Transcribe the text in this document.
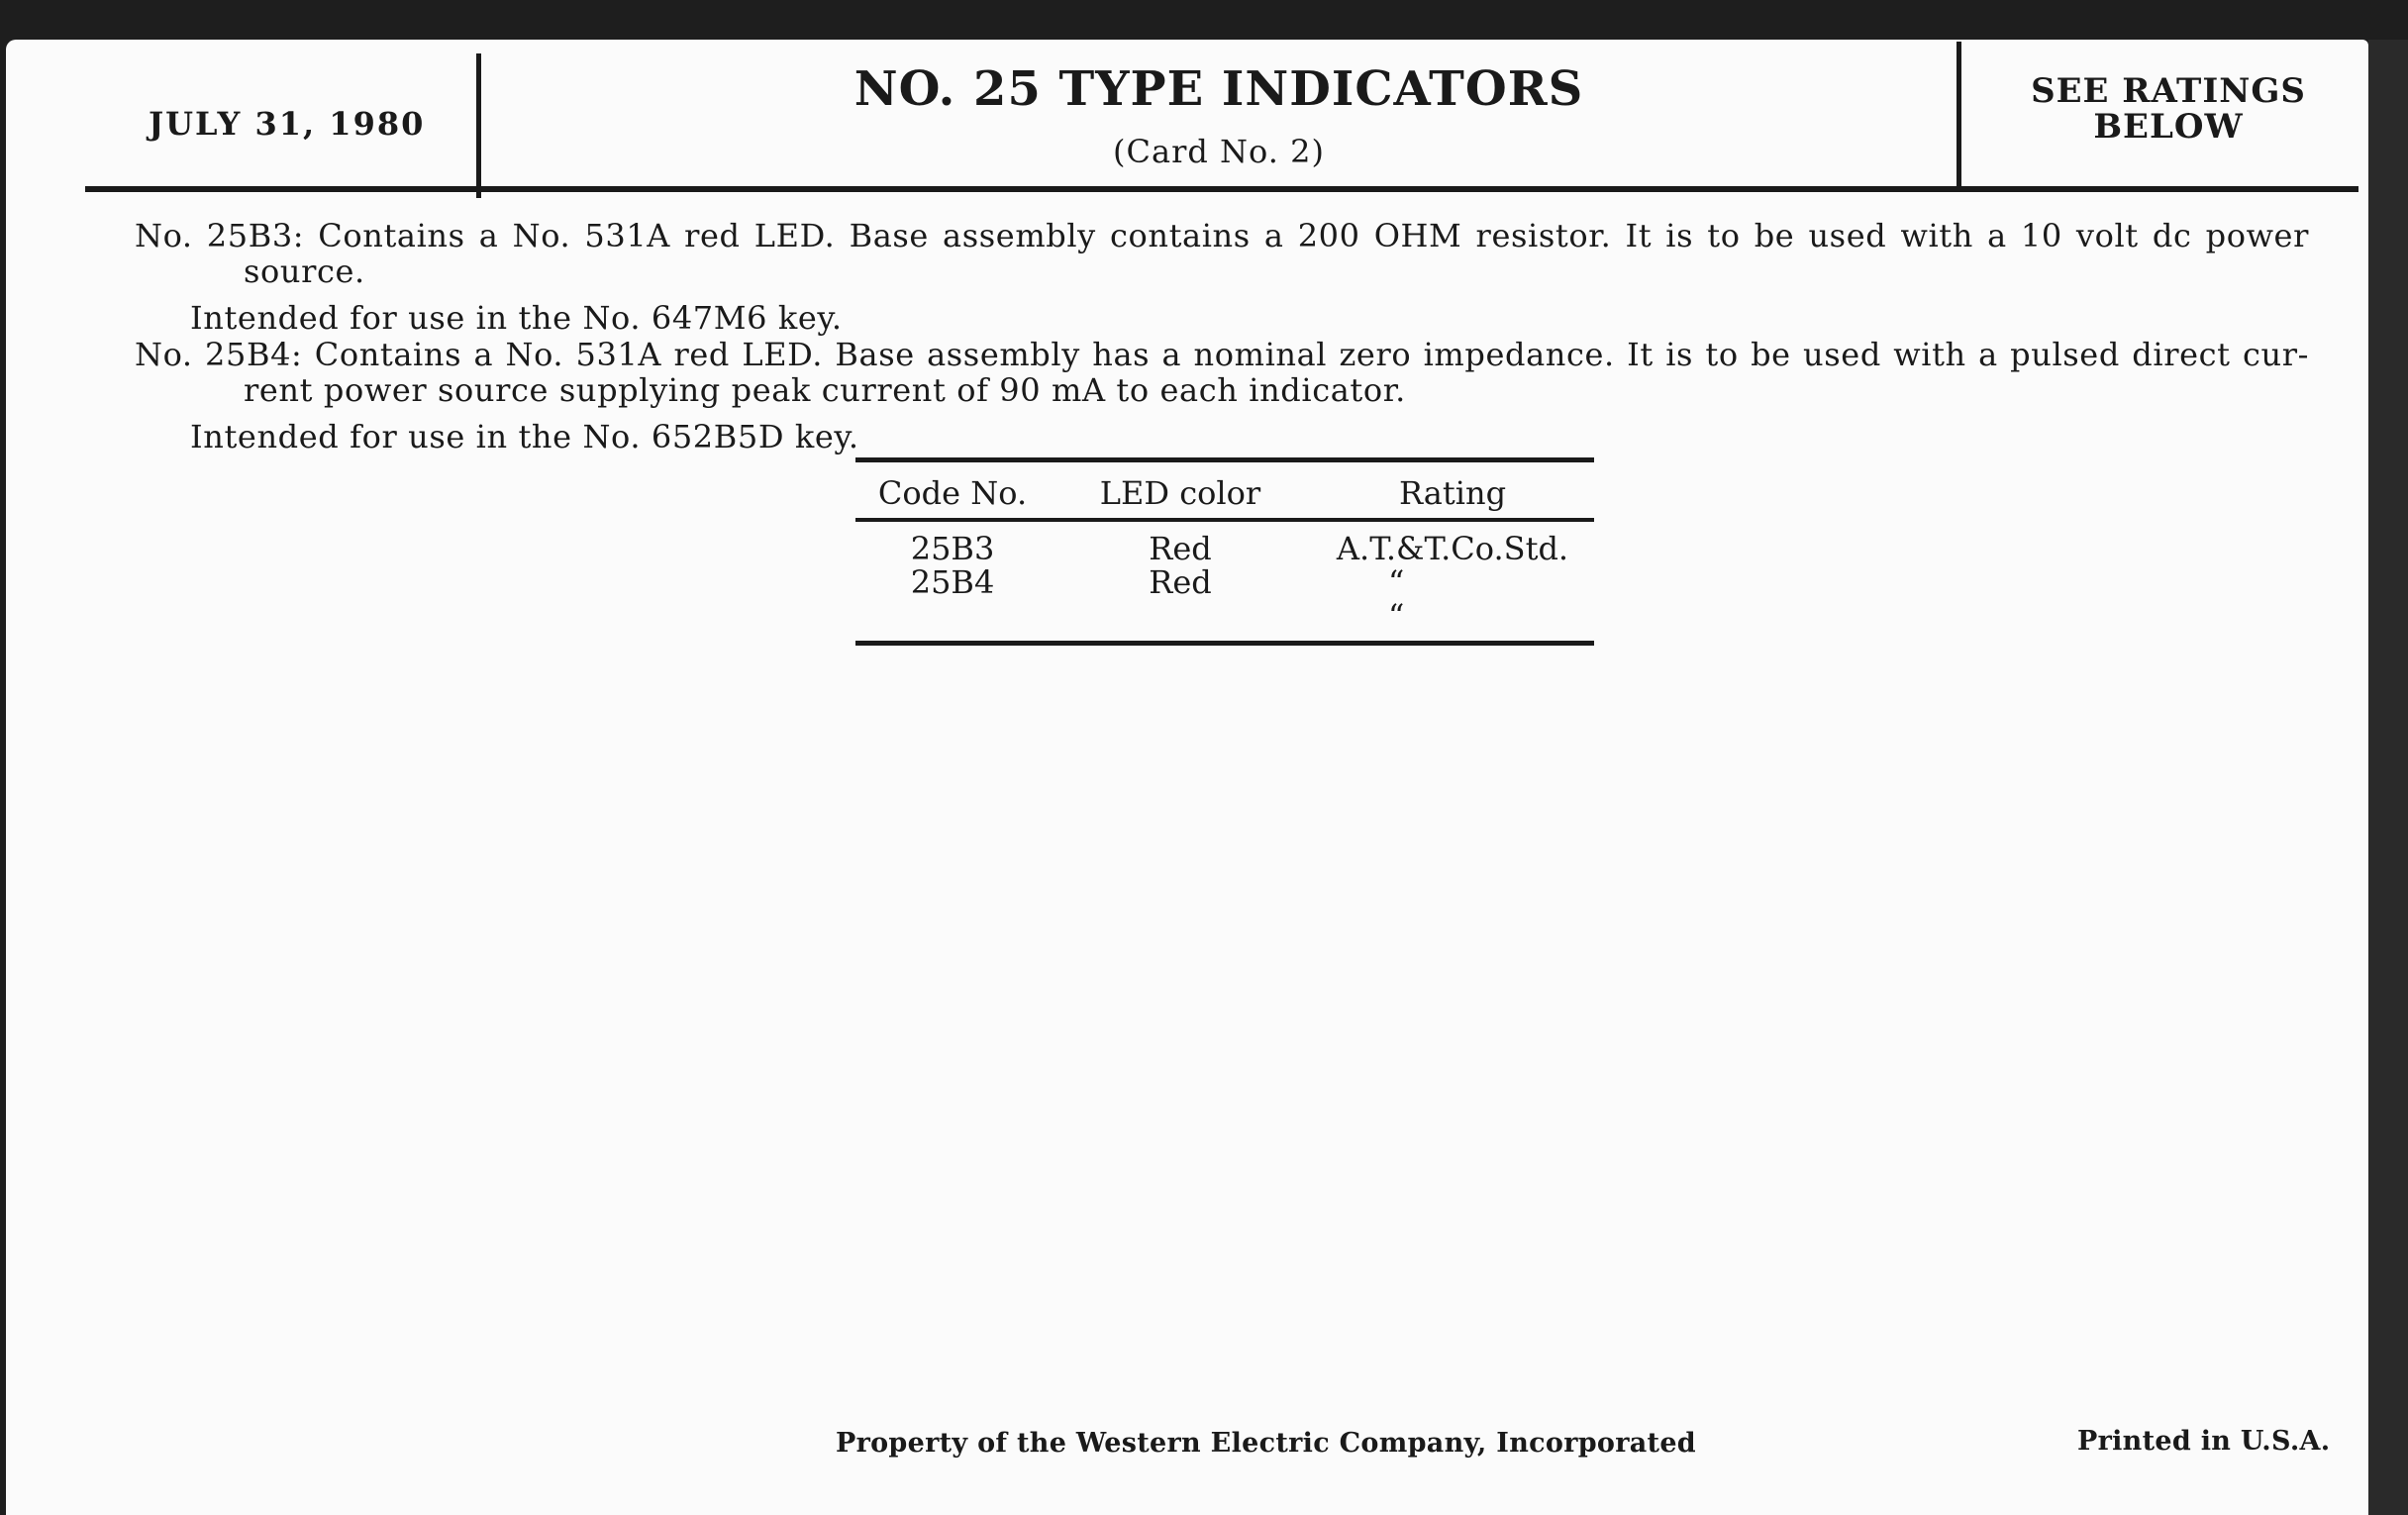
JULY 31, 1980
NO. 25 TYPE INDICATORS
(Card No. 2)
SEE RATINGS
BELOW
No. 25B3: Contains a No. 531A red LED. Base assembly contains a 200 OHM resistor. It is to be used with a 10 volt dc power
source.
Intended for use in the No. 647M6 key.
No. 25B4: Contains a No. 531A red LED. Base assembly has a nominal zero impedance. It is to be used with a pulsed direct cur-
rent power source supplying peak current of 90 mA to each indicator.
Intended for use in the No. 652B5D key.
Code No.	LED color	Rating
25B3	Red	A.T.&T.Co.Std.
25B4	Red	““
Property of the Western Electric Company, Incorporated	Printed in U.S.A.
